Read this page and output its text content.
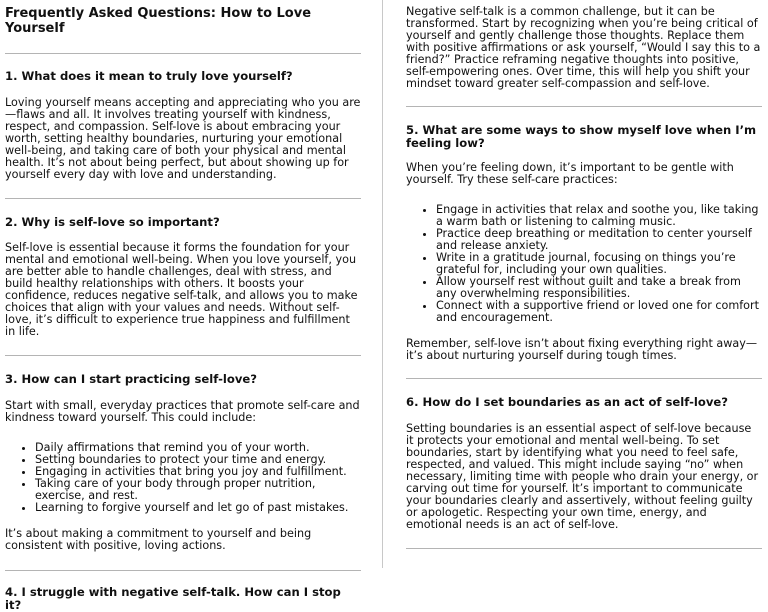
Frequently Asked Questions: How to Love Yourself
1. What does it mean to truly love yourself?

Loving yourself means accepting and appreciating who you are—flaws and all. It involves treating yourself with kindness, respect, and compassion. Self-love is about embracing your worth, setting healthy boundaries, nurturing your emotional well-being, and taking care of both your physical and mental health. It’s not about being perfect, but about showing up for yourself every day with love and understanding.

2. Why is self-love so important?

Self-love is essential because it forms the foundation for your mental and emotional well-being. When you love yourself, you are better able to handle challenges, deal with stress, and build healthy relationships with others. It boosts your confidence, reduces negative self-talk, and allows you to make choices that align with your values and needs. Without self-love, it’s difficult to experience true happiness and fulfillment in life.

3. How can I start practicing self-love?

Start with small, everyday practices that promote self-care and kindness toward yourself. This could include:

• Daily affirmations that remind you of your worth.
• Setting boundaries to protect your time and energy.
• Engaging in activities that bring you joy and fulfillment.
• Taking care of your body through proper nutrition, exercise, and rest.
• Learning to forgive yourself and let go of past mistakes.

It’s about making a commitment to yourself and being consistent with positive, loving actions.

4. I struggle with negative self-talk. How can I stop it?

Negative self-talk is a common challenge, but it can be transformed. Start by recognizing when you’re being critical of yourself and gently challenge those thoughts. Replace them with positive affirmations or ask yourself, “Would I say this to a friend?” Practice reframing negative thoughts into positive, self-empowering ones. Over time, this will help you shift your mindset toward greater self-compassion and self-love.

5. What are some ways to show myself love when I’m feeling low?

When you’re feeling down, it’s important to be gentle with yourself. Try these self-care practices:

• Engage in activities that relax and soothe you, like taking a warm bath or listening to calming music.
• Practice deep breathing or meditation to center yourself and release anxiety.
• Write in a gratitude journal, focusing on things you’re grateful for, including your own qualities.
• Allow yourself rest without guilt and take a break from any overwhelming responsibilities.
• Connect with a supportive friend or loved one for comfort and encouragement.

Remember, self-love isn’t about fixing everything right away—it’s about nurturing yourself during tough times.

6. How do I set boundaries as an act of self-love?

Setting boundaries is an essential aspect of self-love because it protects your emotional and mental well-being. To set boundaries, start by identifying what you need to feel safe, respected, and valued. This might include saying “no” when necessary, limiting time with people who drain your energy, or carving out time for yourself. It’s important to communicate your boundaries clearly and assertively, without feeling guilty or apologetic. Respecting your own time, energy, and emotional needs is an act of self-love.
